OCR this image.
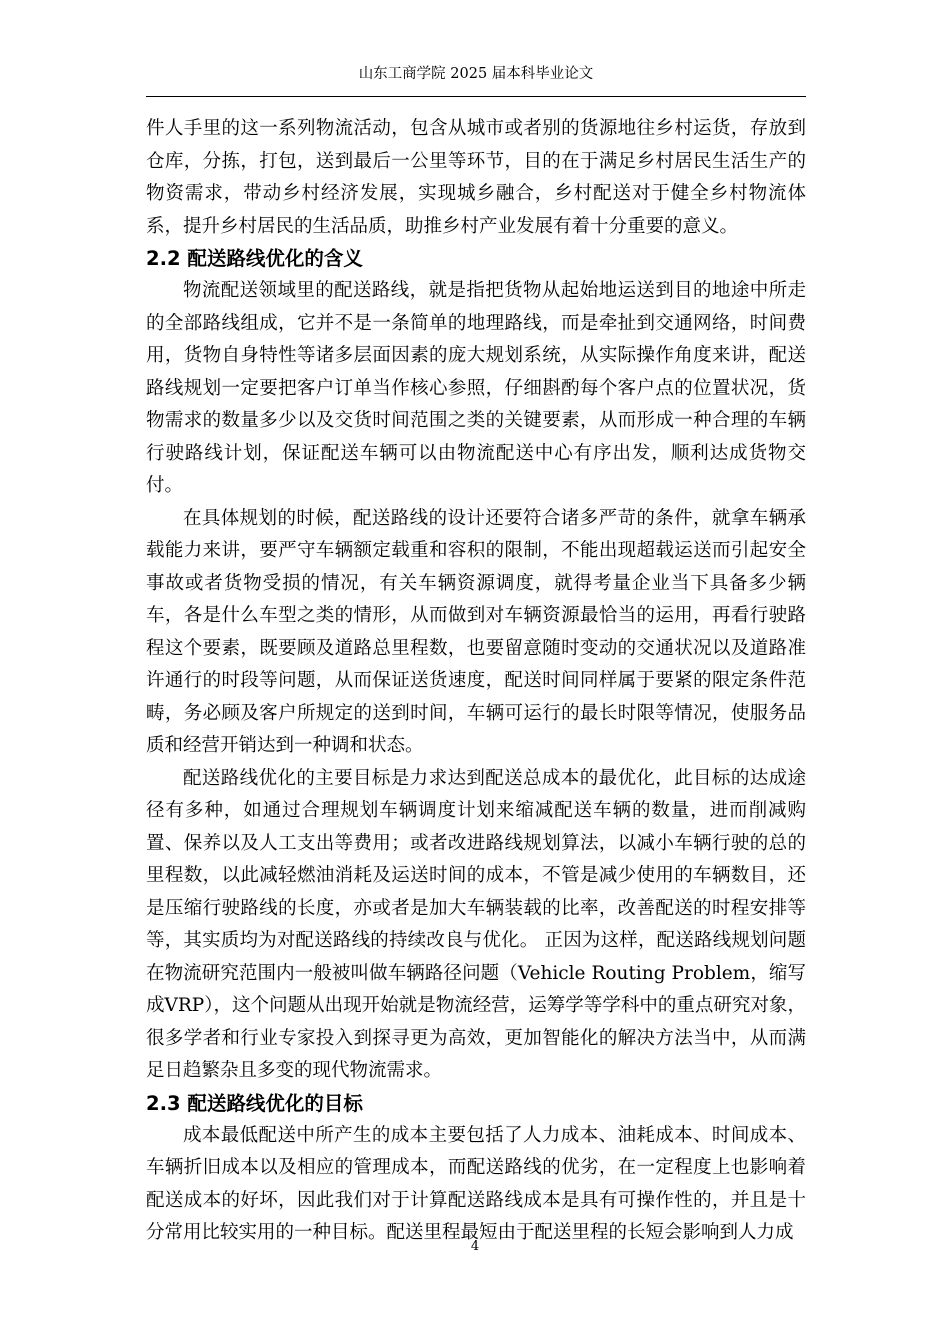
山东工商学院 2025 届本科毕业论文

件人手里的这一系列物流活动，包含从城市或者别的货源地往乡村运货，存放到仓库，分拣，打包，送到最后一公里等环节，目的在于满足乡村居民生活生产的物资需求，带动乡村经济发展，实现城乡融合，乡村配送对于健全乡村物流体系，提升乡村居民的生活品质，助推乡村产业发展有着十分重要的意义。

2.2 配送路线优化的含义

物流配送领域里的配送路线，就是指把货物从起始地运送到目的地途中所走的全部路线组成，它并不是一条简单的地理路线，而是牵扯到交通网络，时间费用，货物自身特性等诸多层面因素的庞大规划系统，从实际操作角度来讲，配送路线规划一定要把客户订单当作核心参照，仔细斟酌每个客户点的位置状况，货物需求的数量多少以及交货时间范围之类的关键要素，从而形成一种合理的车辆行驶路线计划，保证配送车辆可以由物流配送中心有序出发，顺利达成货物交付。

在具体规划的时候，配送路线的设计还要符合诸多严苛的条件，就拿车辆承载能力来讲，要严守车辆额定载重和容积的限制，不能出现超载运送而引起安全事故或者货物受损的情况，有关车辆资源调度，就得考量企业当下具备多少辆车，各是什么车型之类的情形，从而做到对车辆资源最恰当的运用，再看行驶路程这个要素，既要顾及道路总里程数，也要留意随时变动的交通状况以及道路准许通行的时段等问题，从而保证送货速度，配送时间同样属于要紧的限定条件范畴，务必顾及客户所规定的送到时间，车辆可运行的最长时限等情况，使服务品质和经营开销达到一种调和状态。

配送路线优化的主要目标是力求达到配送总成本的最优化，此目标的达成途径有多种，如通过合理规划车辆调度计划来缩减配送车辆的数量，进而削减购置、保养以及人工支出等费用；或者改进路线规划算法，以减小车辆行驶的总的里程数，以此减轻燃油消耗及运送时间的成本，不管是减少使用的车辆数目，还是压缩行驶路线的长度，亦或者是加大车辆装载的比率，改善配送的时程安排等等，其实质均为对配送路线的持续改良与优化。 正因为这样，配送路线规划问题在物流研究范围内一般被叫做车辆路径问题（Vehicle Routing Problem，缩写成VRP），这个问题从出现开始就是物流经营，运筹学等学科中的重点研究对象，很多学者和行业专家投入到探寻更为高效，更加智能化的解决方法当中，从而满足日趋繁杂且多变的现代物流需求。

2.3 配送路线优化的目标

成本最低配送中所产生的成本主要包括了人力成本、油耗成本、时间成本、车辆折旧成本以及相应的管理成本，而配送路线的优劣，在一定程度上也影响着配送成本的好坏，因此我们对于计算配送路线成本是具有可操作性的，并且是十分常用比较实用的一种目标。配送里程最短由于配送里程的长短会影响到人力成

4
